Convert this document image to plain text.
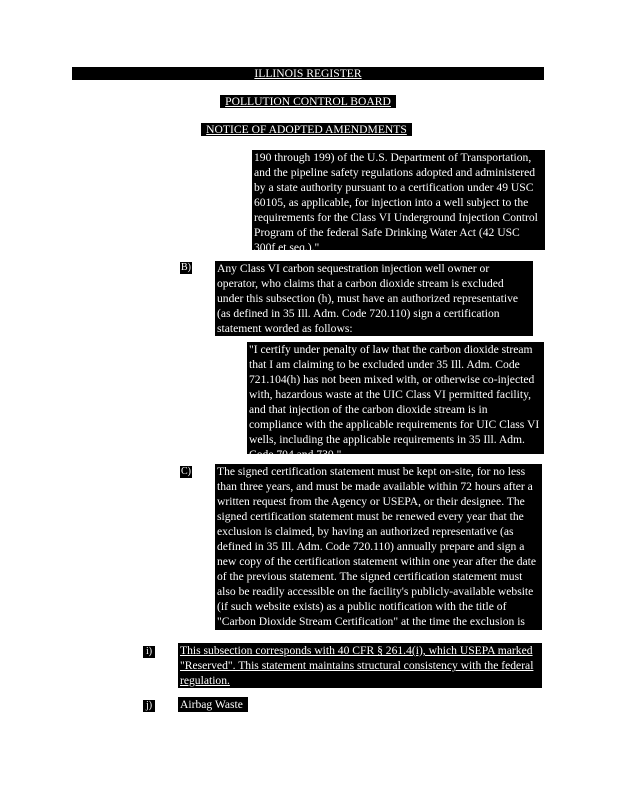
ILLINOIS REGISTER
POLLUTION CONTROL BOARD
NOTICE OF ADOPTED AMENDMENTS

190 through 199) of the U.S. Department of Transportation, and the pipeline safety regulations adopted and administered by a state authority pursuant to a certification under 49 USC 60105, as applicable, for injection into a well subject to the requirements for the Class VI Underground Injection Control Program of the federal Safe Drinking Water Act (42 USC 300f et seq.)."

B) Any Class VI carbon sequestration injection well owner or operator, who claims that a carbon dioxide stream is excluded under this subsection (h), must have an authorized representative (as defined in 35 Ill. Adm. Code 720.110) sign a certification statement worded as follows:

"I certify under penalty of law that the carbon dioxide stream that I am claiming to be excluded under 35 Ill. Adm. Code 721.104(h) has not been mixed with, or otherwise co-injected with, hazardous waste at the UIC Class VI permitted facility, and that injection of the carbon dioxide stream is in compliance with the applicable requirements for UIC Class VI wells, including the applicable requirements in 35 Ill. Adm. Code 704 and 730."

C) The signed certification statement must be kept on-site, for no less than three years, and must be made available within 72 hours after a written request from the Agency or USEPA, or their designee. The signed certification statement must be renewed every year that the exclusion is claimed, by having an authorized representative (as defined in 35 Ill. Adm. Code 720.110) annually prepare and sign a new copy of the certification statement within one year after the date of the previous statement. The signed certification statement must also be readily accessible on the facility's publicly-available website (if such website exists) as a public notification with the title of "Carbon Dioxide Stream Certification" at the time the exclusion is claimed.

i) This subsection corresponds with 40 CFR § 261.4(i), which USEPA marked "Reserved". This statement maintains structural consistency with the federal regulation.

j) Airbag Waste
